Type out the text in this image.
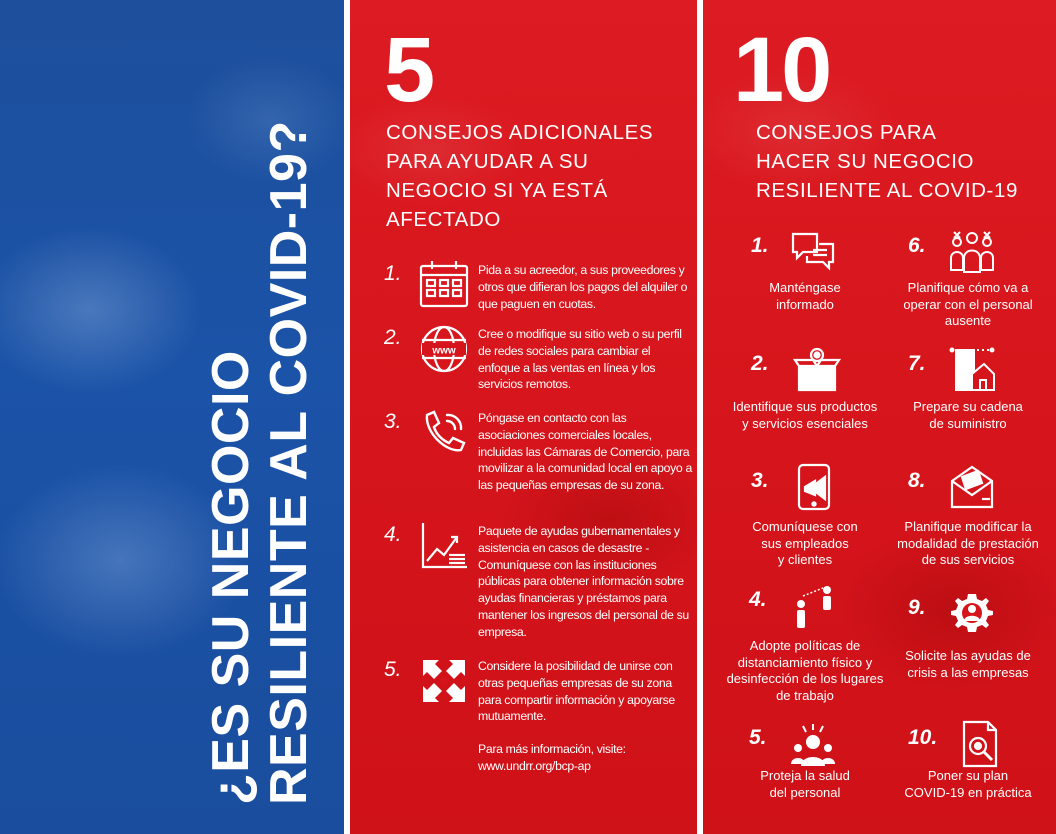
¿ES SU NEGOCIO RESILIENTE AL COVID-19?
5
CONSEJOS ADICIONALES
PARA AYUDAR A SU
NEGOCIO SI YA ESTÁ
AFECTADO
1.	Pida a su acreedor, a sus proveedores y otros que difieran los pagos del alquiler o que paguen en cuotas.
2.
www
Cree o modifique su sitio web o su perfil de redes sociales para cambiar el enfoque a las ventas en línea y los servicios remotos.
3.	Póngase en contacto con las asociaciones comerciales locales, incluidas las Cámaras de Comercio, para movilizar a la comunidad local en apoyo a las pequeñas empresas de su zona.
4.	Paquete de ayudas gubernamentales y asistencia en casos de desastre - Comuníquese con las instituciones públicas para obtener información sobre ayudas financieras y préstamos para mantener los ingresos del personal de su empresa.
5.	Considere la posibilidad de unirse con otras pequeñas empresas de su zona para compartir información y apoyarse mutuamente.
Para más información, visite:
www.undrr.org/bcp-ap
10
CONSEJOS PARA
HACER SU NEGOCIO
RESILIENTE AL COVID-19
1.
Manténgase
informado
2.
Identifique sus productos
y servicios esenciales
3.
Comuníquese con
sus empleados
y clientes
4.
Adopte políticas de
distanciamiento físico y
desinfección de los lugares
de trabajo
5.
Proteja la salud
del personal
6.
Planifique cómo va a
operar con el personal
ausente
7.
Prepare su cadena
de suministro
8.
Planifique modificar la
modalidad de prestación
de sus servicios
9.
Solicite las ayudas de
crisis a las empresas
10.
Poner su plan
COVID-19 en práctica
